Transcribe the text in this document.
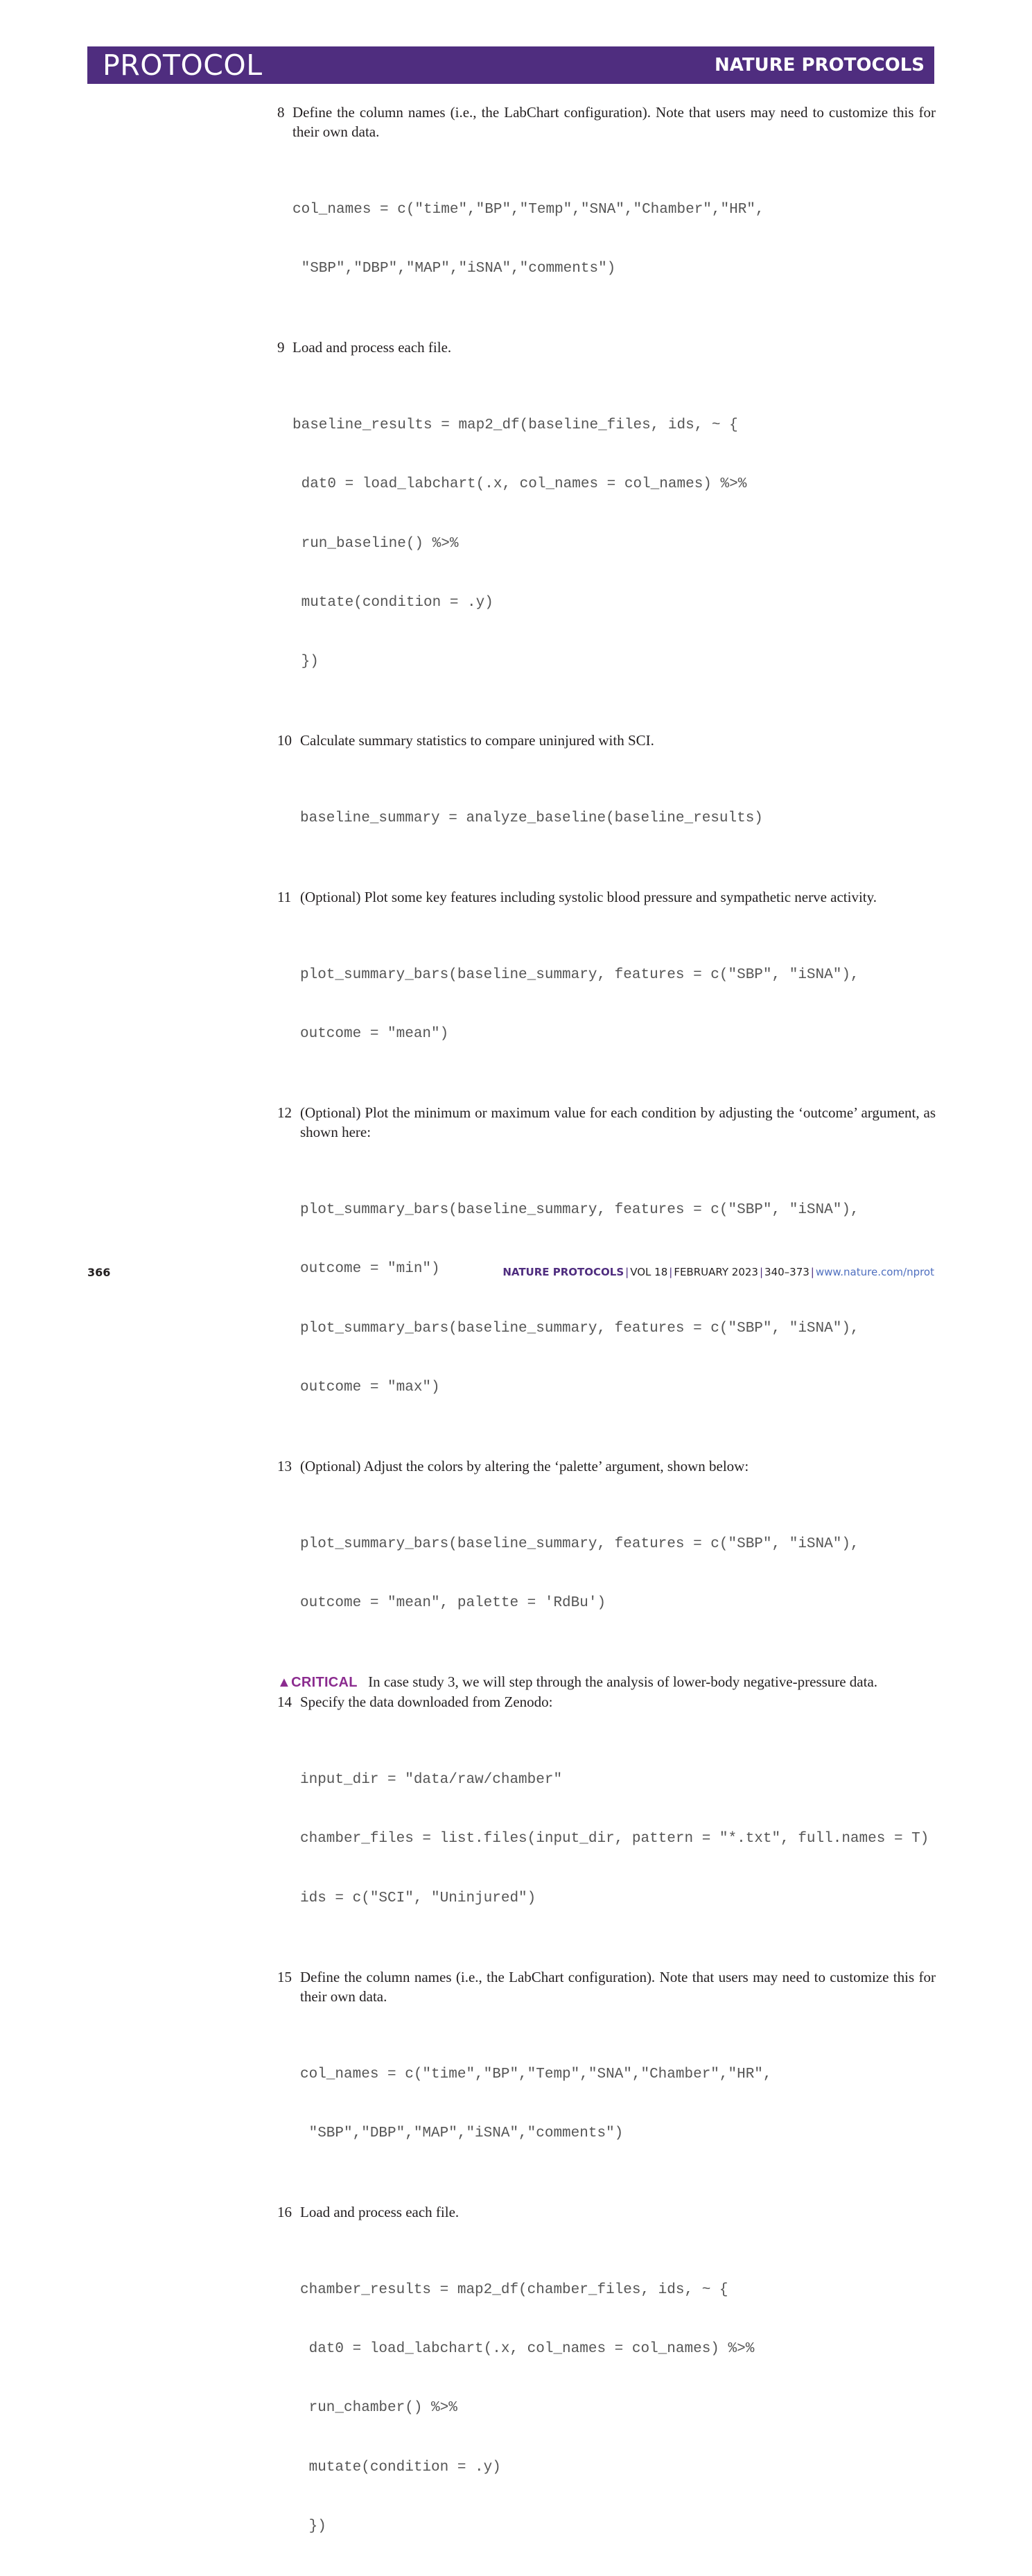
PROTOCOL	NATURE PROTOCOLS
8 Define the column names (i.e., the LabChart configuration). Note that users may need to customize this for their own data.

col_names = c("time","BP","Temp","SNA","Chamber","HR",

"SBP","DBP","MAP","iSNA","comments")

9 Load and process each file.

baseline_results = map2_df(baseline_files, ids, ~ {

dat0 = load_labchart(.x, col_names = col_names) %>%

run_baseline() %>%

mutate(condition = .y)

})

10 Calculate summary statistics to compare uninjured with SCI.

baseline_summary = analyze_baseline(baseline_results)

11 (Optional) Plot some key features including systolic blood pressure and sympathetic nerve activity.

plot_summary_bars(baseline_summary, features = c("SBP", "iSNA"),

outcome = "mean")

12 (Optional) Plot the minimum or maximum value for each condition by adjusting the ‘outcome’ argument, as shown here:

plot_summary_bars(baseline_summary, features = c("SBP", "iSNA"),

outcome = "min")

plot_summary_bars(baseline_summary, features = c("SBP", "iSNA"),

outcome = "max")

13 (Optional) Adjust the colors by altering the ‘palette’ argument, shown below:

plot_summary_bars(baseline_summary, features = c("SBP", "iSNA"),

outcome = "mean", palette = 'RdBu')

▲CRITICAL In case study 3, we will step through the analysis of lower-body negative-pressure data.
14 Specify the data downloaded from Zenodo:

input_dir = "data/raw/chamber"

chamber_files = list.files(input_dir, pattern = "*.txt", full.names = T)

ids = c("SCI", "Uninjured")

15 Define the column names (i.e., the LabChart configuration). Note that users may need to customize this for their own data.

col_names = c("time","BP","Temp","SNA","Chamber","HR",

"SBP","DBP","MAP","iSNA","comments")

16 Load and process each file.

chamber_results = map2_df(chamber_files, ids, ~ {

dat0 = load_labchart(.x, col_names = col_names) %>%

run_chamber() %>%

mutate(condition = .y)

})

366	NATURE PROTOCOLS | VOL 18 | FEBRUARY 2023 | 340–373 | www.nature.com/nprot
